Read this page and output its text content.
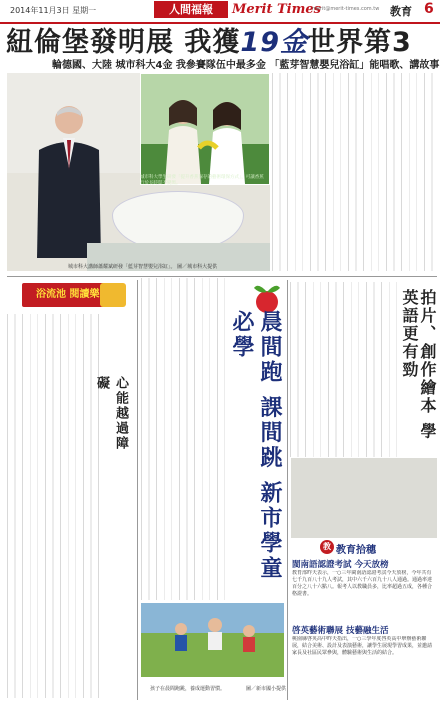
2014年11月3日 星期一	人間福報	Merit Times
merit@merit-times.com.tw 教育 6
紐倫堡發明展 我獲19金世界第3
輪德國、大陸 城市科大4金 我參賽隊伍中最多金 「藍芽智慧嬰兒浴缸」能唱歌、講故事
城市科大講師蕭耀斌研發「藍芽智慧嬰兒浴缸」。 圖／城市科大提供
城市科大學生研發「提升香蕉保存的藝術環保方式」，可讓香蕉行於長時間不變黑。
浴流池 閱讀樂
心能越過障礙	晨間跑 課間跳 新市學童必學
孩子在晨間跑跳，養成運動習慣。	圖／新市國小提供
拍片、創作繪本 學英語更有勁
教 教育拾穗
閩南語認證考試 今天放榜
教育部昨天表示，一○三年閩南語認證考試今天放榜，今年共有七千九百八十九人考試，其中六千六百九十八人通過。通過率達百分之八十六點八。報考人以教職員多，比率超過五成，各種合格證書。
啓英藝術聯展 技藝融生活
桃園縣啓英高中昨天指出，一○三學年度啓英高中舉辦藝術聯展，結合美術、設計及表演藝術，讓學生展現學習成果，並邀請家長及社區民眾參與，體驗藝術與生活的結合。
